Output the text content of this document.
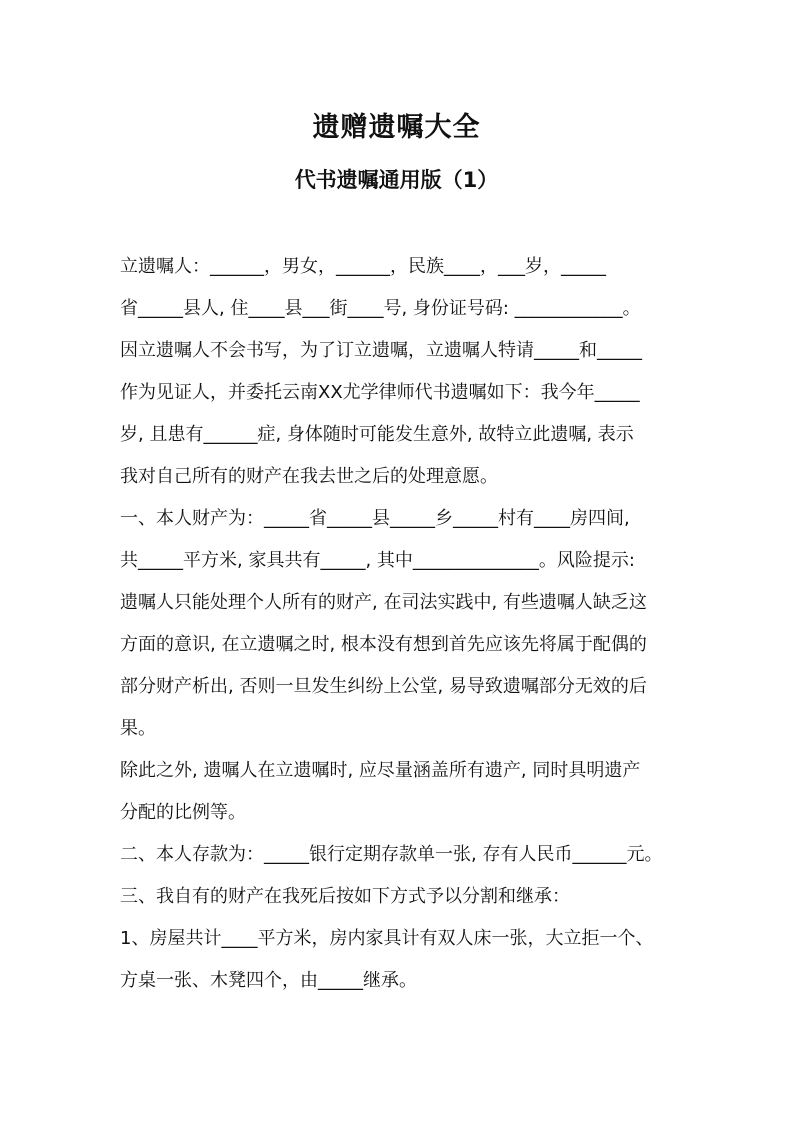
遗赠遗嘱大全
代书遗嘱通用版（1）
立遗嘱人：______，男女，______，民族____，___岁，_____
省_____县人, 住____县___街____号, 身份证号码: ____________。
因立遗嘱人不会书写，为了订立遗嘱，立遗嘱人特请_____和_____
作为见证人，并委托云南XX尤学律师代书遗嘱如下：我今年_____
岁, 且患有______症, 身体随时可能发生意外, 故特立此遗嘱, 表示
我对自己所有的财产在我去世之后的处理意愿。
一、本人财产为：_____省_____县_____乡_____村有____房四间,
共_____平方米, 家具共有_____, 其中______________。风险提示:
遗嘱人只能处理个人所有的财产, 在司法实践中, 有些遗嘱人缺乏这
方面的意识, 在立遗嘱之时, 根本没有想到首先应该先将属于配偶的
部分财产析出, 否则一旦发生纠纷上公堂, 易导致遗嘱部分无效的后
果。
除此之外, 遗嘱人在立遗嘱时, 应尽量涵盖所有遗产, 同时具明遗产
分配的比例等。
二、本人存款为：_____银行定期存款单一张, 存有人民币______元。
三、我自有的财产在我死后按如下方式予以分割和继承：
1、房屋共计____平方米，房内家具计有双人床一张，大立拒一个、
方桌一张、木凳四个，由_____继承。
